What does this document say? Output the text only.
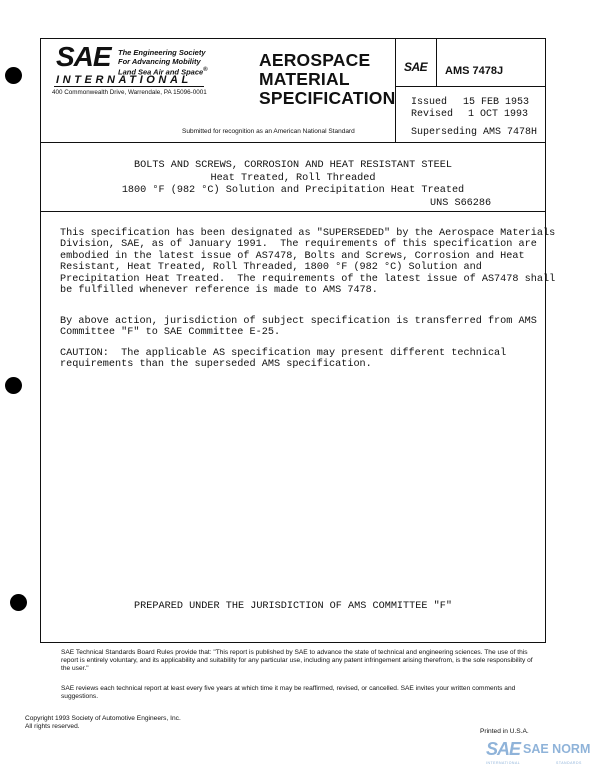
SAE The Engineering Society
For Advancing Mobility
Land Sea Air and Space®
INTERNATIONAL
400 Commonwealth Drive, Warrendale, PA 15096-0001
AEROSPACE
MATERIAL
SPECIFICATION
Submitted for recognition as an American National Standard
SAE AMS 7478J
Issued 15 FEB 1953
Revised 1 OCT 1993
Superseding AMS 7478H
BOLTS AND SCREWS, CORROSION AND HEAT RESISTANT STEEL
Heat Treated, Roll Threaded
1800 °F (982 °C) Solution and Precipitation Heat Treated
UNS S66286
This specification has been designated as "SUPERSEDED" by the Aerospace Materials
Division, SAE, as of January 1991.  The requirements of this specification are
embodied in the latest issue of AS7478, Bolts and Screws, Corrosion and Heat
Resistant, Heat Treated, Roll Threaded, 1800 °F (982 °C) Solution and
Precipitation Heat Treated.  The requirements of the latest issue of AS7478 shall
be fulfilled whenever reference is made to AMS 7478.
By above action, jurisdiction of subject specification is transferred from AMS
Committee "F" to SAE Committee E-25.
CAUTION:  The applicable AS specification may present different technical
requirements than the superseded AMS specification.
PREPARED UNDER THE JURISDICTION OF AMS COMMITTEE "F"
SAE Technical Standards Board Rules provide that: "This report is published by SAE to advance the state of technical and engineering sciences. The use of this report is entirely voluntary, and its applicability and suitability for any particular use, including any patent infringement arising therefrom, is the sole responsibility of the user."
SAE reviews each technical report at least every five years at which time it may be reaffirmed, revised, or cancelled. SAE invites your written comments and suggestions.
Copyright 1993 Society of Automotive Engineers, Inc.
All rights reserved.
Printed in U.S.A.
SAE SAE NORM
INTERNATIONAL	STANDARDS
